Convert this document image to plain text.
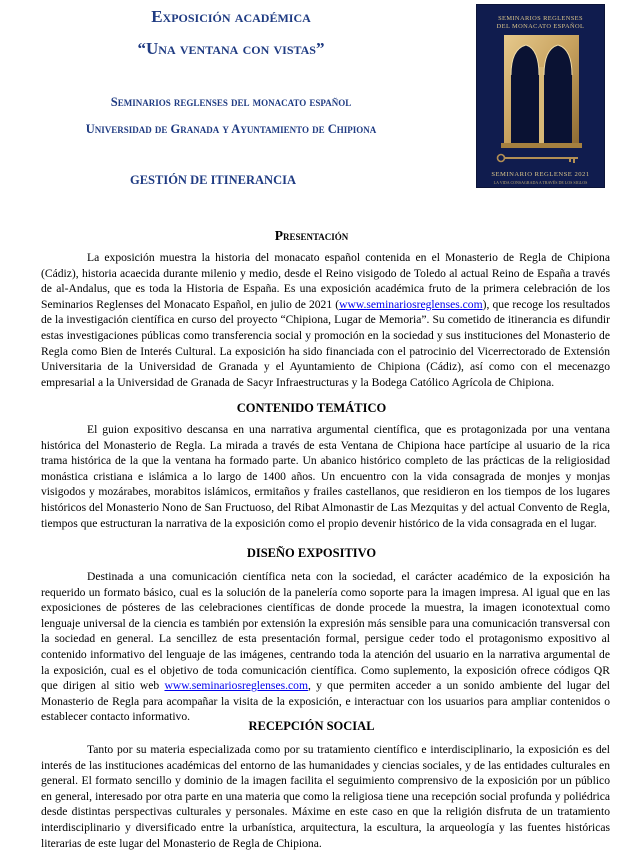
Exposición académica
“Una ventana con vistas”

Seminarios reglenses del monacato español

Universidad de Granada y Ayuntamiento de Chipiona

GESTIÓN DE ITINERANCIA

SEMINARIOS REGLENSES
DEL MONACATO ESPAÑOL
SEMINARIO REGLENSE 2021
LA VIDA CONSAGRADA A TRAVÉS DE LOS SIGLOS
Presentación

La exposición muestra la historia del monacato español contenida en el Monasterio de Regla de Chipiona (Cádiz), historia acaecida durante milenio y medio, desde el Reino visigodo de Toledo al actual Reino de España a través de al-Andalus, que es toda la Historia de España. Es una exposición académica fruto de la primera celebración de los Seminarios Reglenses del Monacato Español, en julio de 2021 (www.seminariosreglenses.com), que recoge los resultados de la investigación científica en curso del proyecto “Chipiona, Lugar de Memoria”. Su cometido de itinerancia es difundir estas investigaciones públicas como transferencia social y promoción en la sociedad y sus instituciones del Monasterio de Regla como Bien de Interés Cultural. La exposición ha sido financiada con el patrocinio del Vicerrectorado de Extensión Universitaria de la Universidad de Granada y el Ayuntamiento de Chipiona (Cádiz), así como con el mecenazgo empresarial a la Universidad de Granada de Sacyr Infraestructuras y la Bodega Católico Agrícola de Chipiona.

CONTENIDO TEMÁTICO

El guion expositivo descansa en una narrativa argumental científica, que es protagonizada por una ventana histórica del Monasterio de Regla. La mirada a través de esta Ventana de Chipiona hace partícipe al usuario de la rica trama histórica de la que la ventana ha formado parte. Un abanico histórico completo de las prácticas de la religiosidad monástica cristiana e islámica a lo largo de 1400 años. Un encuentro con la vida consagrada de monjes y monjas visigodos y mozárabes, morabitos islámicos, ermitaños y frailes castellanos, que residieron en los tiempos de los lugares históricos del Monasterio Nono de San Fructuoso, del Ribat Almonastir de Las Mezquitas y del actual Convento de Regla, tiempos que estructuran la narrativa de la exposición como el propio devenir histórico de la vida consagrada en el lugar.

DISEÑO EXPOSITIVO

Destinada a una comunicación científica neta con la sociedad, el carácter académico de la exposición ha requerido un formato básico, cual es la solución de la panelería como soporte para la imagen impresa. Al igual que en las exposiciones de pósteres de las celebraciones científicas de donde procede la muestra, la imagen iconotextual como lenguaje universal de la ciencia es también por extensión la expresión más sensible para una comunicación transversal con la sociedad en general. La sencillez de esta presentación formal, persigue ceder todo el protagonismo expositivo al contenido informativo del lenguaje de las imágenes, centrando toda la atención del usuario en la narrativa argumental de la exposición, cual es el objetivo de toda comunicación científica. Como suplemento, la exposición ofrece códigos QR que dirigen al sitio web www.seminariosreglenses.com, y que permiten acceder a un sonido ambiente del lugar del Monasterio de Regla para acompañar la visita de la exposición, e interactuar con los usuarios para ampliar contenidos o establecer contacto informativo.

RECEPCIÓN SOCIAL

Tanto por su materia especializada como por su tratamiento científico e interdisciplinario, la exposición es del interés de las instituciones académicas del entorno de las humanidades y ciencias sociales, y de las entidades culturales en general. El formato sencillo y dominio de la imagen facilita el seguimiento comprensivo de la exposición por un público en general, interesado por otra parte en una materia que como la religiosa tiene una recepción social profunda y poliédrica desde distintas perspectivas culturales y personales. Máxime en este caso en que la religión disfruta de un tratamiento interdisciplinario y diversificado entre la urbanística, arquitectura, la escultura, la arqueología y las fuentes históricas literarias de este lugar del Monasterio de Regla de Chipiona.
